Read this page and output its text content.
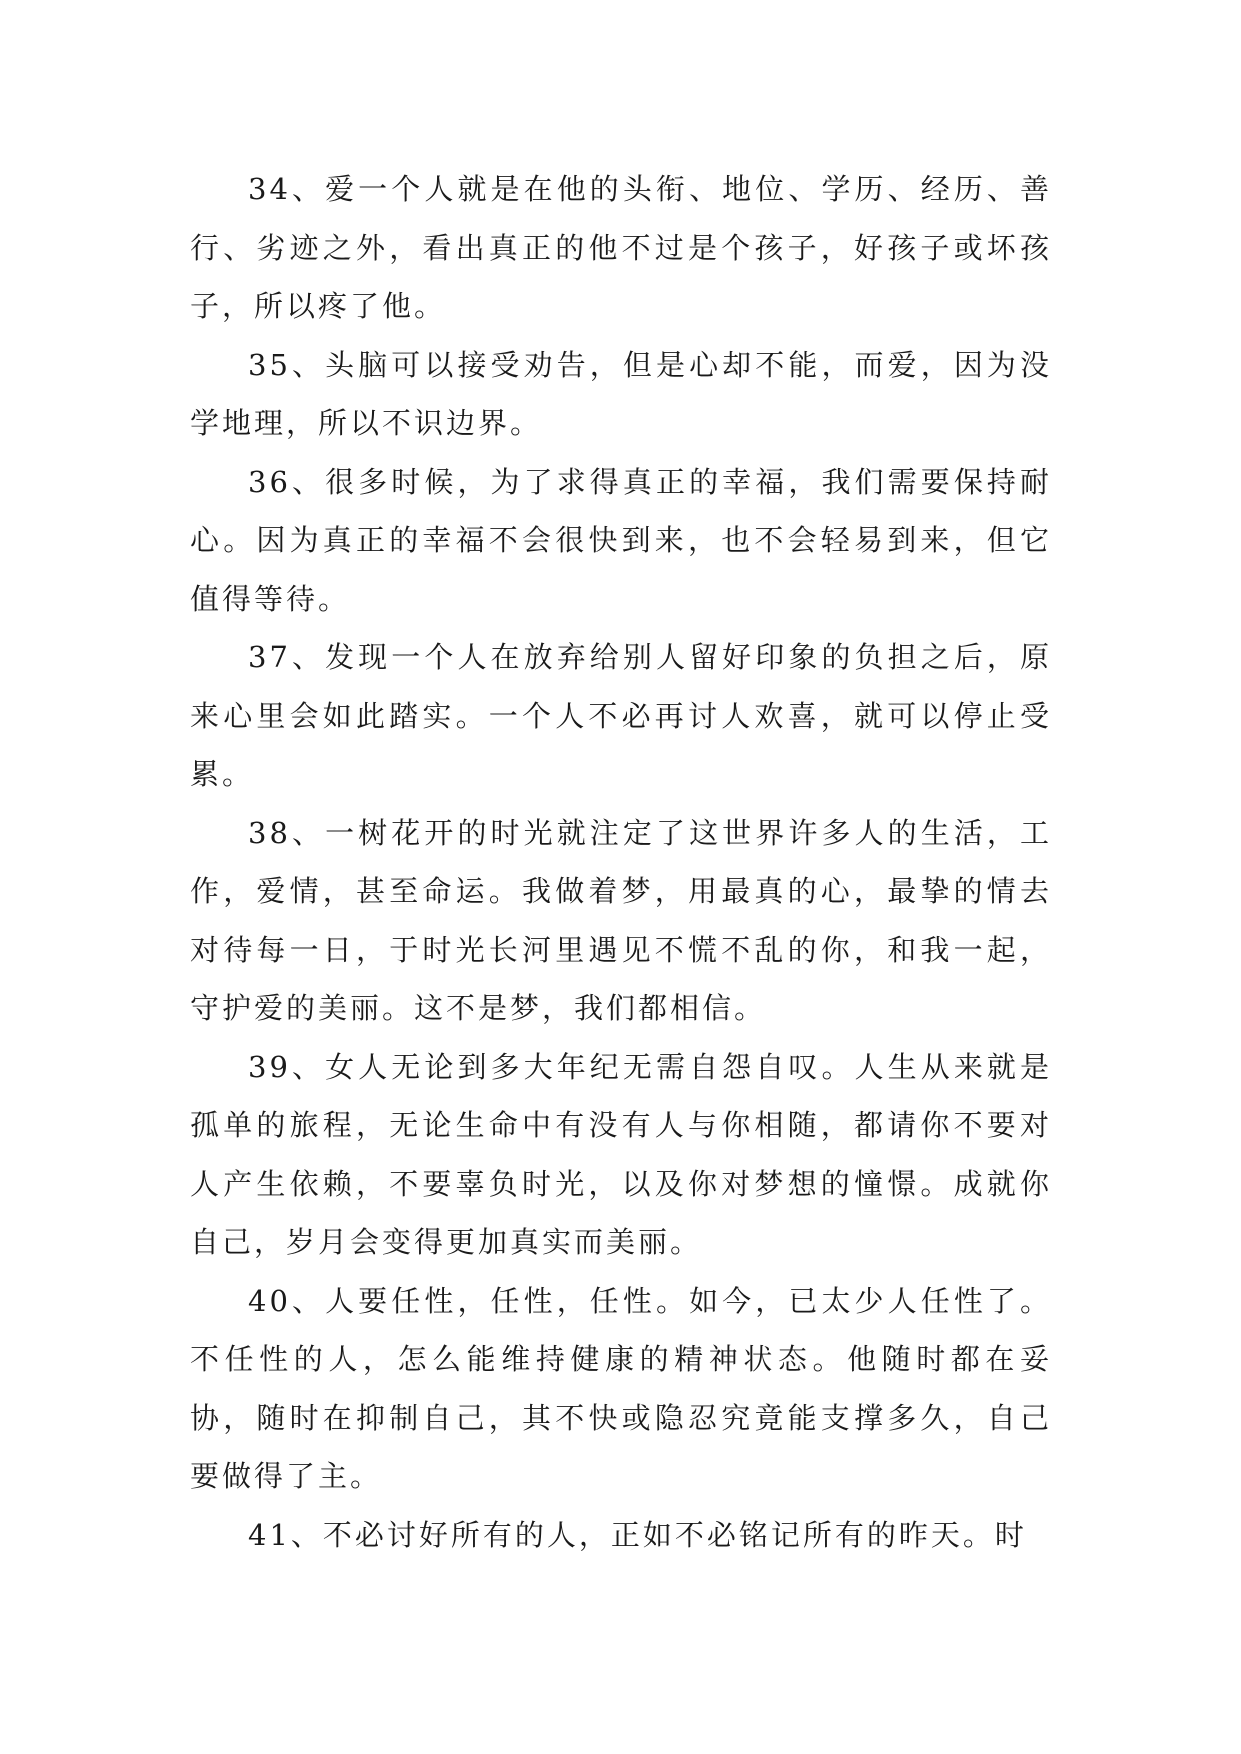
34、爱一个人就是在他的头衔、地位、学历、经历、善行、劣迹之外，看出真正的他不过是个孩子，好孩子或坏孩子，所以疼了他。

35、头脑可以接受劝告，但是心却不能，而爱，因为没学地理，所以不识边界。

36、很多时候，为了求得真正的幸福，我们需要保持耐心。因为真正的幸福不会很快到来，也不会轻易到来，但它值得等待。

37、发现一个人在放弃给别人留好印象的负担之后，原来心里会如此踏实。一个人不必再讨人欢喜，就可以停止受累。

38、一树花开的时光就注定了这世界许多人的生活，工作，爱情，甚至命运。我做着梦，用最真的心，最挚的情去对待每一日，于时光长河里遇见不慌不乱的你，和我一起，守护爱的美丽。这不是梦，我们都相信。

39、女人无论到多大年纪无需自怨自叹。人生从来就是孤单的旅程，无论生命中有没有人与你相随，都请你不要对人产生依赖，不要辜负时光，以及你对梦想的憧憬。成就你自己，岁月会变得更加真实而美丽。

40、人要任性，任性，任性。如今，已太少人任性了。不任性的人，怎么能维持健康的精神状态。他随时都在妥协，随时在抑制自己，其不快或隐忍究竟能支撑多久，自己要做得了主。

41、不必讨好所有的人，正如不必铭记所有的昨天。时
